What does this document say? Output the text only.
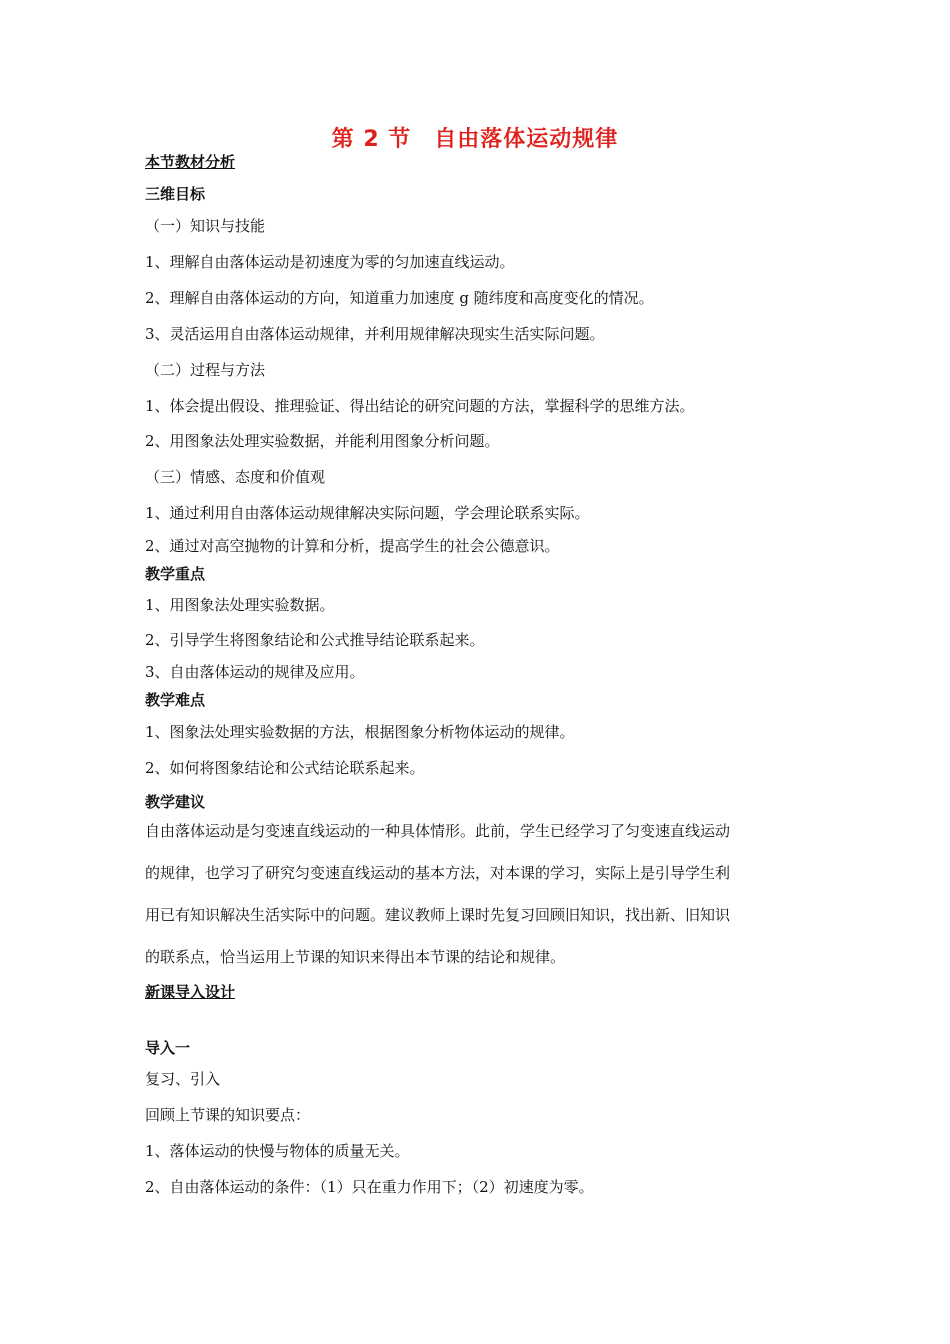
第 2 节　自由落体运动规律
本节教材分析
三维目标
（一）知识与技能
1、理解自由落体运动是初速度为零的匀加速直线运动。
2、理解自由落体运动的方向，知道重力加速度 g 随纬度和高度变化的情况。
3、灵活运用自由落体运动规律，并利用规律解决现实生活实际问题。
（二）过程与方法
1、体会提出假设、推理验证、得出结论的研究问题的方法，掌握科学的思维方法。
2、用图象法处理实验数据，并能利用图象分析问题。
（三）情感、态度和价值观
1、通过利用自由落体运动规律解决实际问题，学会理论联系实际。
2、通过对高空抛物的计算和分析，提高学生的社会公德意识。
教学重点
1、用图象法处理实验数据。
2、引导学生将图象结论和公式推导结论联系起来。
3、自由落体运动的规律及应用。
教学难点
1、图象法处理实验数据的方法，根据图象分析物体运动的规律。
2、如何将图象结论和公式结论联系起来。
教学建议
自由落体运动是匀变速直线运动的一种具体情形。此前，学生已经学习了匀变速直线运动
的规律，也学习了研究匀变速直线运动的基本方法，对本课的学习，实际上是引导学生利
用已有知识解决生活实际中的问题。建议教师上课时先复习回顾旧知识，找出新、旧知识
的联系点，恰当运用上节课的知识来得出本节课的结论和规律。
新课导入设计
导入一
复习、引入
回顾上节课的知识要点：
1、落体运动的快慢与物体的质量无关。
2、自由落体运动的条件：（1）只在重力作用下；（2）初速度为零。
